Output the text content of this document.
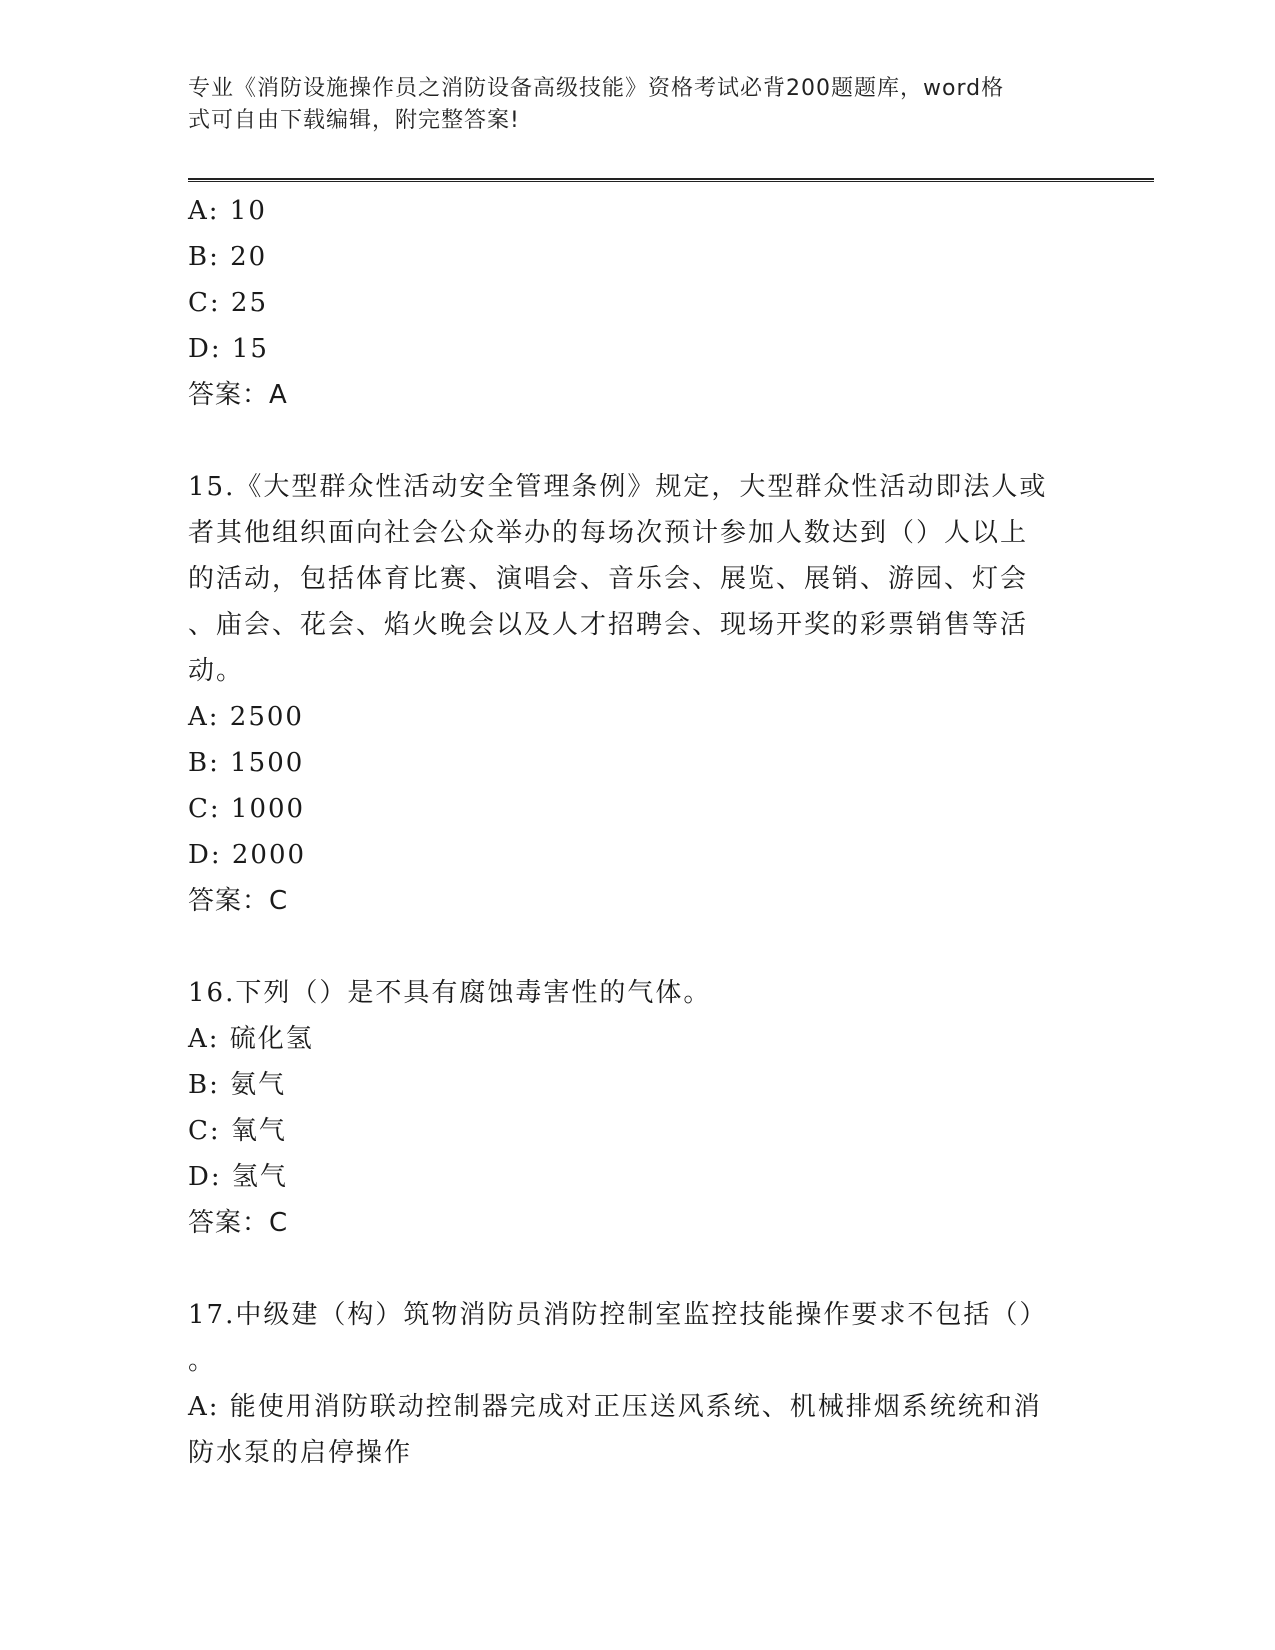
专业《消防设施操作员之消防设备高级技能》资格考试必背200题题库，word格
式可自由下载编辑，附完整答案!
A: 10
B: 20
C: 25
D: 15
答案：A
15.《大型群众性活动安全管理条例》规定，大型群众性活动即法人或
者其他组织面向社会公众举办的每场次预计参加人数达到（）人以上
的活动，包括体育比赛、演唱会、音乐会、展览、展销、游园、灯会
、庙会、花会、焰火晚会以及人才招聘会、现场开奖的彩票销售等活
动。
A: 2500
B: 1500
C: 1000
D: 2000
答案：C
16.下列（）是不具有腐蚀毒害性的气体。
A: 硫化氢
B: 氨气
C: 氧气
D: 氢气
答案：C
17.中级建（构）筑物消防员消防控制室监控技能操作要求不包括（）
。
A: 能使用消防联动控制器完成对正压送风系统、机械排烟系统统和消
防水泵的启停操作
